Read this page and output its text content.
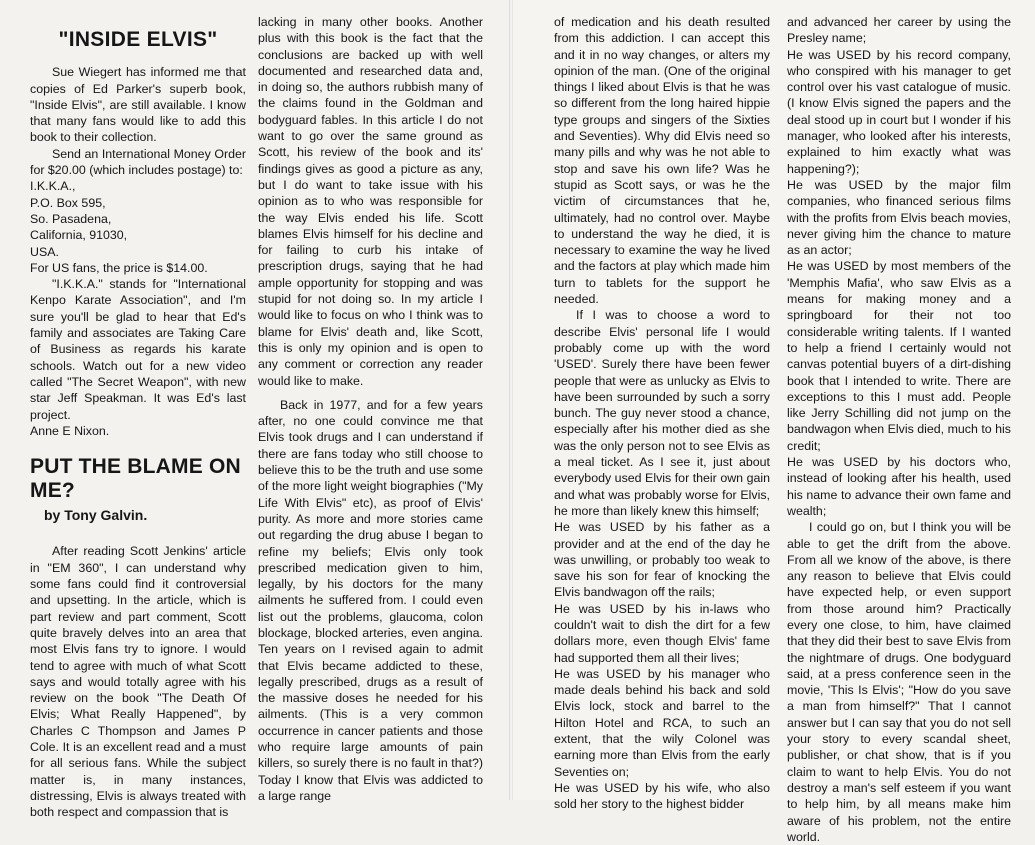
"INSIDE ELVIS"

Sue Wiegert has informed me that copies of Ed Parker's superb book, "Inside Elvis", are still available. I know that many fans would like to add this book to their collection.

Send an International Money Order for $20.00 (which includes postage) to:

I.K.K.A.,

P.O. Box 595,

So. Pasadena,

California, 91030,

USA.

For US fans, the price is $14.00.

"I.K.K.A." stands for "International Kenpo Karate Association", and I'm sure you'll be glad to hear that Ed's family and associates are Taking Care of Business as regards his karate schools. Watch out for a new video called "The Secret Weapon", with new star Jeff Speakman. It was Ed's last project.

Anne E Nixon.

PUT THE BLAME ON ME?
by Tony Galvin.

After reading Scott Jenkins' article in "EM 360", I can understand why some fans could find it controversial and upsetting. In the article, which is part review and part comment, Scott quite bravely delves into an area that most Elvis fans try to ignore. I would tend to agree with much of what Scott says and would totally agree with his review on the book "The Death Of Elvis; What Really Happened", by Charles C Thompson and James P Cole. It is an excellent read and a must for all serious fans. While the subject matter is, in many instances, distressing, Elvis is always treated with both respect and compassion that is

lacking in many other books. Another plus with this book is the fact that the conclusions are backed up with well documented and researched data and, in doing so, the authors rubbish many of the claims found in the Goldman and bodyguard fables. In this article I do not want to go over the same ground as Scott, his review of the book and its' findings gives as good a picture as any, but I do want to take issue with his opinion as to who was responsible for the way Elvis ended his life. Scott blames Elvis himself for his decline and for failing to curb his intake of prescription drugs, saying that he had ample opportunity for stopping and was stupid for not doing so. In my article I would like to focus on who I think was to blame for Elvis' death and, like Scott, this is only my opinion and is open to any comment or correction any reader would like to make.

Back in 1977, and for a few years after, no one could convince me that Elvis took drugs and I can understand if there are fans today who still choose to believe this to be the truth and use some of the more light weight biographies ("My Life With Elvis" etc), as proof of Elvis' purity. As more and more stories came out regarding the drug abuse I began to refine my beliefs; Elvis only took prescribed medication given to him, legally, by his doctors for the many ailments he suffered from. I could even list out the problems, glaucoma, colon blockage, blocked arteries, even angina. Ten years on I revised again to admit that Elvis became addicted to these, legally prescribed, drugs as a result of the massive doses he needed for his ailments. (This is a very common occurrence in cancer patients and those who require large amounts of pain killers, so surely there is no fault in that?) Today I know that Elvis was addicted to a large range

of medication and his death resulted from this addiction. I can accept this and it in no way changes, or alters my opinion of the man. (One of the original things I liked about Elvis is that he was so different from the long haired hippie type groups and singers of the Sixties and Seventies). Why did Elvis need so many pills and why was he not able to stop and save his own life? Was he stupid as Scott says, or was he the victim of circumstances that he, ultimately, had no control over. Maybe to understand the way he died, it is necessary to examine the way he lived and the factors at play which made him turn to tablets for the support he needed.

If I was to choose a word to describe Elvis' personal life I would probably come up with the word 'USED'. Surely there have been fewer people that were as unlucky as Elvis to have been surrounded by such a sorry bunch. The guy never stood a chance, especially after his mother died as she was the only person not to see Elvis as a meal ticket. As I see it, just about everybody used Elvis for their own gain and what was probably worse for Elvis, he more than likely knew this himself;

He was USED by his father as a provider and at the end of the day he was unwilling, or probably too weak to save his son for fear of knocking the Elvis bandwagon off the rails;

He was USED by his in-laws who couldn't wait to dish the dirt for a few dollars more, even though Elvis' fame had supported them all their lives;

He was USED by his manager who made deals behind his back and sold Elvis lock, stock and barrel to the Hilton Hotel and RCA, to such an extent, that the wily Colonel was earning more than Elvis from the early Seventies on;

He was USED by his wife, who also sold her story to the highest bidder

and advanced her career by using the Presley name;

He was USED by his record company, who conspired with his manager to get control over his vast catalogue of music. (I know Elvis signed the papers and the deal stood up in court but I wonder if his manager, who looked after his interests, explained to him exactly what was happening?);

He was USED by the major film companies, who financed serious films with the profits from Elvis beach movies, never giving him the chance to mature as an actor;

He was USED by most members of the 'Memphis Mafia', who saw Elvis as a means for making money and a springboard for their not too considerable writing talents. If I wanted to help a friend I certainly would not canvas potential buyers of a dirt-dishing book that I intended to write. There are exceptions to this I must add. People like Jerry Schilling did not jump on the bandwagon when Elvis died, much to his credit;

He was USED by his doctors who, instead of looking after his health, used his name to advance their own fame and wealth;

I could go on, but I think you will be able to get the drift from the above. From all we know of the above, is there any reason to believe that Elvis could have expected help, or even support from those around him? Practically every one close, to him, have claimed that they did their best to save Elvis from the nightmare of drugs. One bodyguard said, at a press conference seen in the movie, 'This Is Elvis'; "How do you save a man from himself?" That I cannot answer but I can say that you do not sell your story to every scandal sheet, publisher, or chat show, that is if you claim to want to help Elvis. You do not destroy a man's self esteem if you want to help him, by all means make him aware of his problem, not the entire world.
